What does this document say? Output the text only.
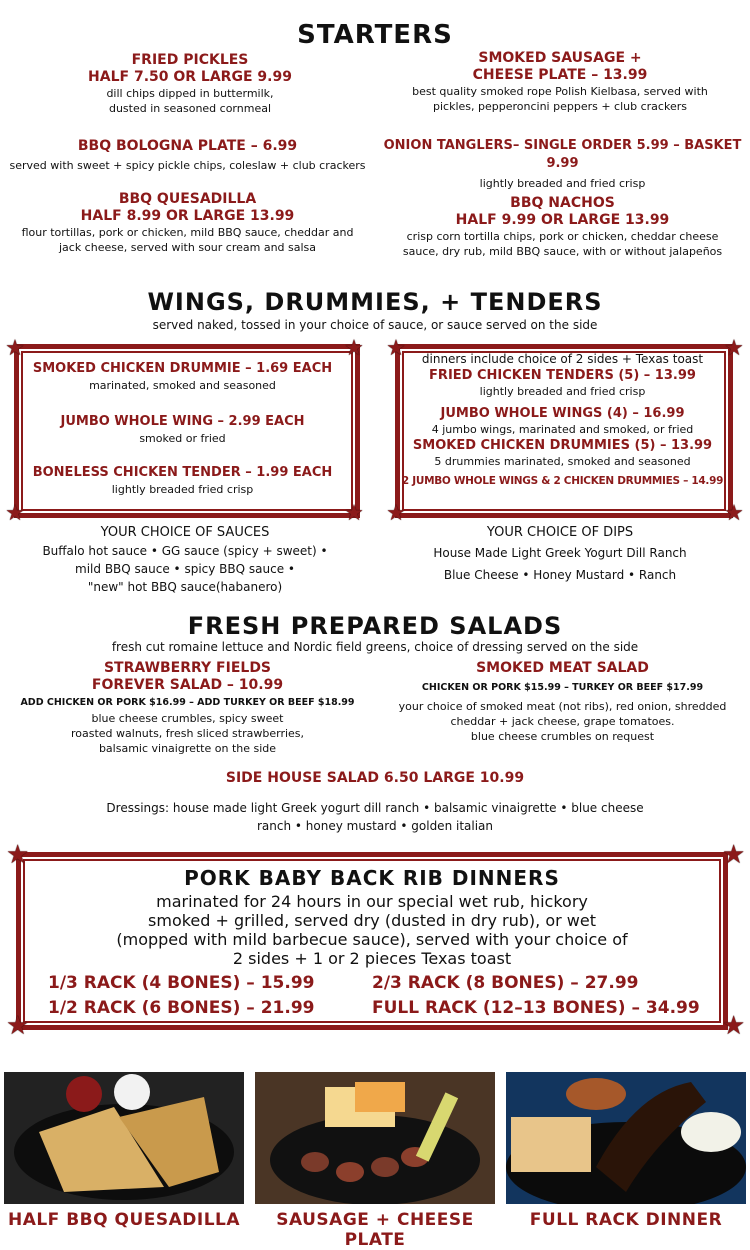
STARTERS
FRIED PICKLES
HALF 7.50 OR LARGE 9.99
dill chips dipped in buttermilk,
dusted in seasoned cornmeal
SMOKED SAUSAGE +
CHEESE PLATE – 13.99
best quality smoked rope Polish Kielbasa, served with
pickles, pepperoncini peppers + club crackers
BBQ BOLOGNA PLATE – 6.99
served with sweet + spicy pickle chips, coleslaw + club crackers
ONION TANGLERS– SINGLE ORDER 5.99 – BASKET 9.99
lightly breaded and fried crisp
BBQ QUESADILLA
HALF 8.99 OR LARGE 13.99
flour tortillas, pork or chicken, mild BBQ sauce, cheddar and
jack cheese, served with sour cream and salsa
BBQ NACHOS
HALF 9.99 OR LARGE 13.99
crisp corn tortilla chips, pork or chicken, cheddar cheese
sauce, dry rub, mild BBQ sauce, with or without jalapeños
WINGS, DRUMMIES, + TENDERS
served naked, tossed in your choice of sauce, or sauce served on the side
★	★
★	★
SMOKED CHICKEN DRUMMIE – 1.69 EACH
marinated, smoked and seasoned
JUMBO WHOLE WING – 2.99 EACH
smoked or fried
BONELESS CHICKEN TENDER – 1.99 EACH
lightly breaded fried crisp
★	★
★	★
dinners include choice of 2 sides + Texas toast
FRIED CHICKEN TENDERS (5) – 13.99
lightly breaded and fried crisp
JUMBO WHOLE WINGS (4) – 16.99
4 jumbo wings, marinated and smoked, or fried
SMOKED CHICKEN DRUMMIES (5) – 13.99
5 drummies marinated, smoked and seasoned
2 JUMBO WHOLE WINGS & 2 CHICKEN DRUMMIES – 14.99
YOUR CHOICE OF SAUCES
Buffalo hot sauce • GG sauce (spicy + sweet) •
mild BBQ sauce • spicy BBQ sauce •
"new" hot BBQ sauce(habanero)
YOUR CHOICE OF DIPS
House Made Light Greek Yogurt Dill Ranch
Blue Cheese • Honey Mustard • Ranch
FRESH PREPARED SALADS
fresh cut romaine lettuce and Nordic field greens, choice of dressing served on the side
STRAWBERRY FIELDS
FOREVER SALAD – 10.99
ADD CHICKEN OR PORK $16.99 – ADD TURKEY OR BEEF $18.99
blue cheese crumbles, spicy sweet
roasted walnuts, fresh sliced strawberries,
balsamic vinaigrette on the side
SMOKED MEAT SALAD
CHICKEN OR PORK $15.99 – TURKEY OR BEEF $17.99
your choice of smoked meat (not ribs), red onion, shredded
cheddar + jack cheese, grape tomatoes.
blue cheese crumbles on request
SIDE HOUSE SALAD 6.50 LARGE 10.99
Dressings: house made light Greek yogurt dill ranch • balsamic vinaigrette • blue cheese
ranch • honey mustard • golden italian
★	★
★	★
PORK BABY BACK RIB DINNERS
marinated for 24 hours in our special wet rub, hickory
smoked + grilled, served dry (dusted in dry rub), or wet
(mopped with mild barbecue sauce), served with your choice of
2 sides + 1 or 2 pieces Texas toast
1/3 RACK (4 BONES) – 15.99	2/3 RACK (8 BONES) – 27.99
1/2 RACK (6 BONES) – 21.99	FULL RACK (12–13 BONES) – 34.99
HALF BBQ QUESADILLA	SAUSAGE + CHEESE PLATE
FULL RACK DINNER
